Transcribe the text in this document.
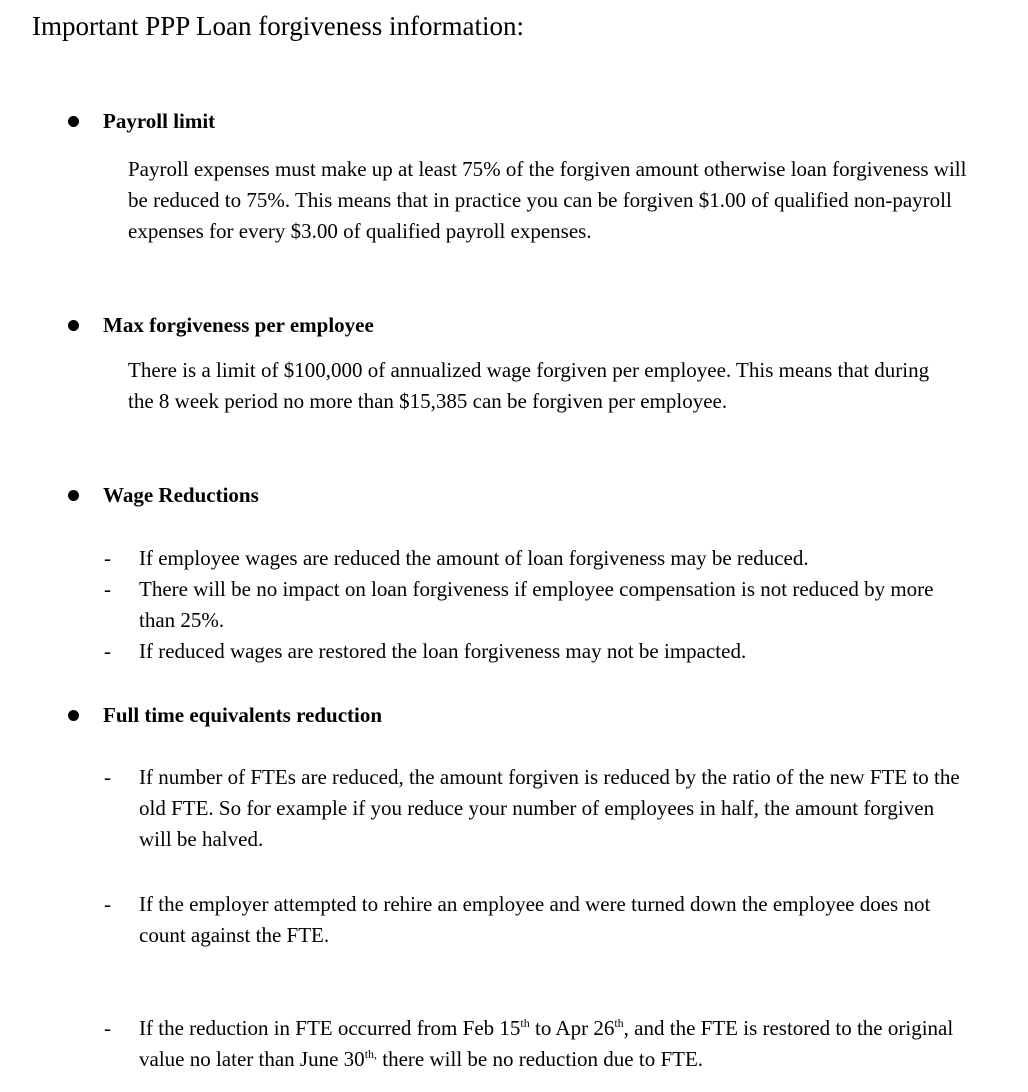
Important PPP Loan forgiveness information:
Payroll limit
Payroll expenses must make up at least 75% of the forgiven amount otherwise loan forgiveness will be reduced to 75%. This means that in practice you can be forgiven $1.00 of qualified non-payroll expenses for every $3.00 of qualified payroll expenses.
Max forgiveness per employee
There is a limit of $100,000 of annualized wage forgiven per employee. This means that during the 8 week period no more than $15,385 can be forgiven per employee.
Wage Reductions
- If employee wages are reduced the amount of loan forgiveness may be reduced.
- There will be no impact on loan forgiveness if employee compensation is not reduced by more than 25%.
- If reduced wages are restored the loan forgiveness may not be impacted.
Full time equivalents reduction
- If number of FTEs are reduced, the amount forgiven is reduced by the ratio of the new FTE to the old FTE. So for example if you reduce your number of employees in half, the amount forgiven will be halved.
- If the employer attempted to rehire an employee and were turned down the employee does not count against the FTE.
- If the reduction in FTE occurred from Feb 15th to Apr 26th, and the FTE is restored to the original value no later than June $30^{th,}$ there will be no reduction due to FTE.
